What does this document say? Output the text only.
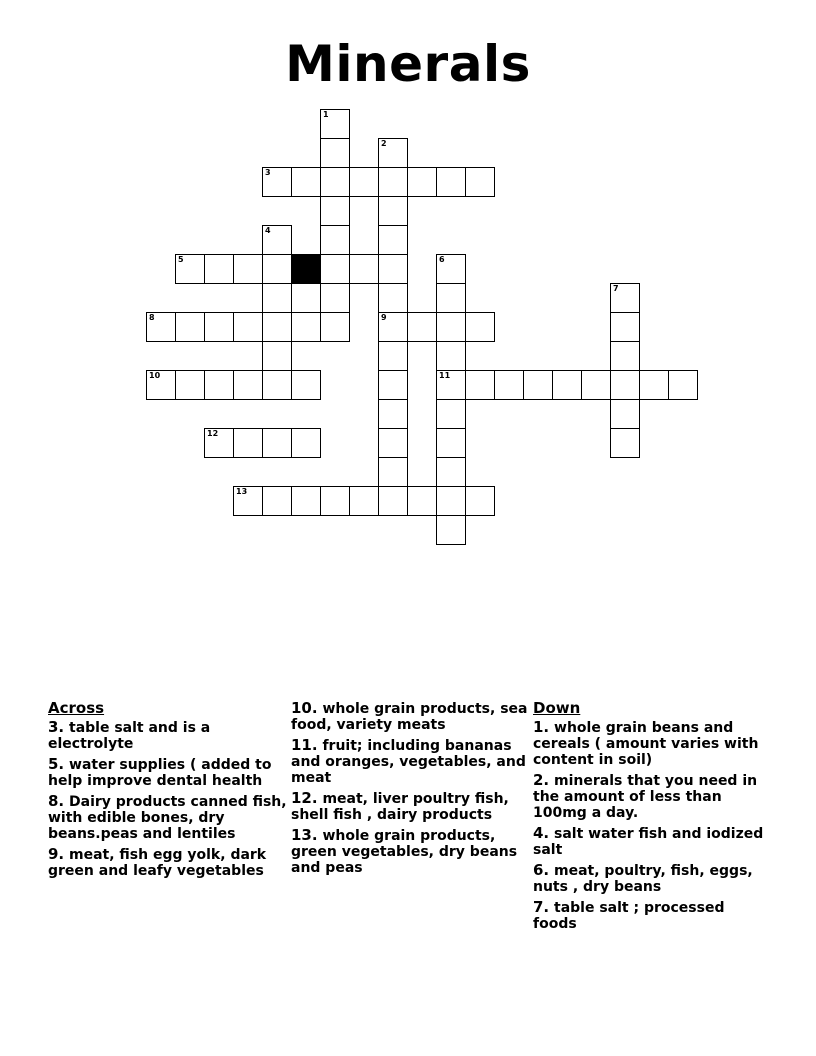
Minerals
1
2
3
4
5	6
7
8	9
10	11
12
13
Across
3. table salt and is a electrolyte
5. water supplies ( added to help improve dental health
8. Dairy products canned fish, with edible bones, dry beans.peas and lentiles
9. meat, fish egg yolk, dark green and leafy vegetables
10. whole grain products, sea food, variety meats
11. fruit; including bananas and oranges, vegetables, and meat
12. meat, liver poultry fish, shell fish , dairy products
13. whole grain products, green vegetables, dry beans and peas
Down
1. whole grain beans and cereals ( amount varies with content in soil)
2. minerals that you need in the amount of less than 100mg a day.
4. salt water fish and iodized salt
6. meat, poultry, fish, eggs, nuts , dry beans
7. table salt ; processed foods
